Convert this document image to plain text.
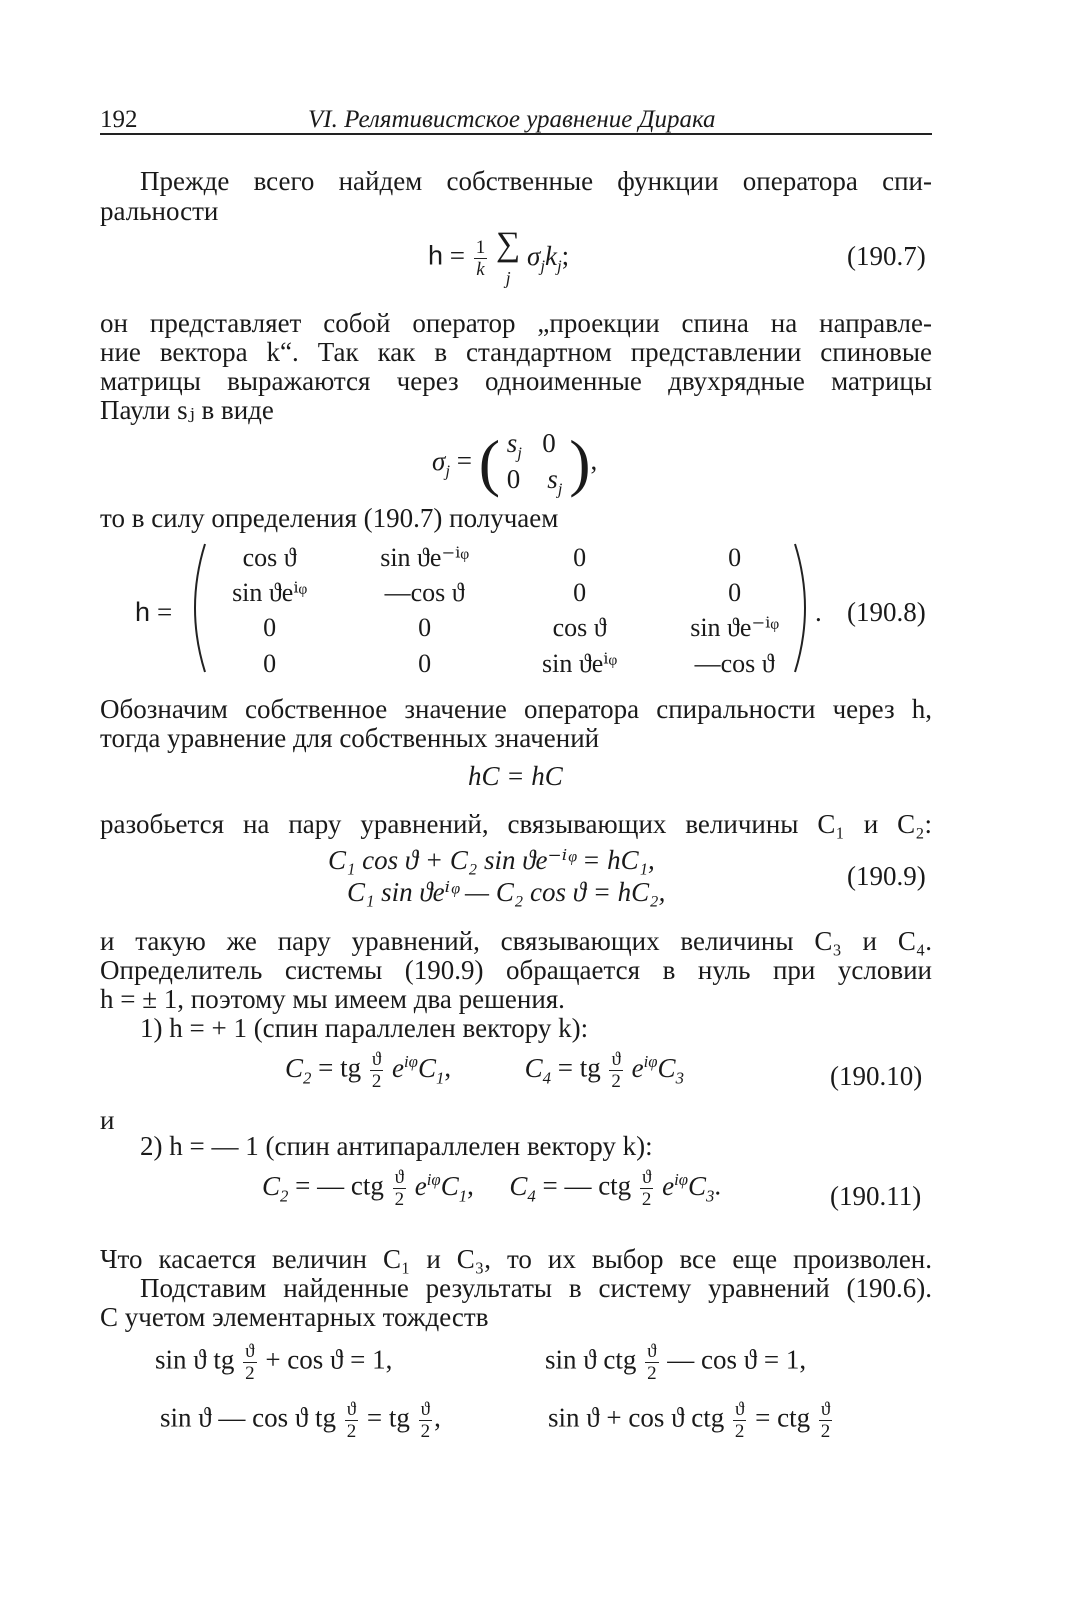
192	VI. Релятивистское уравнение Дирака
Прежде всего найдем собственные функции оператора спи-
ральности
$h = \frac{1}{k}$ ∑
j $\sigma_jk_j$;	(190.7)
он представляет собой оператор „проекции спина на направле-
ние вектора k“. Так как в стандартном представлении спиновые
матрицы выражаются через одноименные двухрядные матрицы
Паули sⱼ в виде
$\sigma_j$ = ( $s_j$   0
0    $s_j$ ),
то в силу определения (190.7) получаем
h =
cos ϑ	sin ϑe⁻ⁱᵠ	0	0
sin ϑeⁱᵠ	—cos ϑ	0	0
0	0	cos ϑ	sin ϑe⁻ⁱᵠ
0	0	sin ϑeⁱᵠ	—cos ϑ
. (190.8)
Обозначим собственное значение оператора спиральности через h,
тогда уравнение для собственных значений
hC = hC
разобьется на пару уравнений, связывающих величины C₁ и C₂:
C₁ cos ϑ + C₂ sin ϑe⁻ⁱᵠ = hC₁,
C₁ sin ϑeⁱᵠ — C₂ cos ϑ = hC₂,
(190.9)
и такую же пару уравнений, связывающих величины C₃ и C₄.
Определитель системы (190.9) обращается в нуль при условии
h = ± 1, поэтому мы имеем два решения.
1) h = + 1 (спин параллелен вектору k):
$C_2$ = tg $\frac{ϑ}{2} e^{i\varphi}C_1$,  $C_4$ = tg $\frac{ϑ}{2} e^{i\varphi}C_3$	(190.10)
и
2) h = — 1 (спин антипараллелен вектору k):
$C_2$ = — ctg $\frac{ϑ}{2} e^{i\varphi}C_1$,  $C_4$ = — ctg $\frac{ϑ}{2} e^{i\varphi}C_3$.	(190.11)
Что касается величин C₁ и C₃, то их выбор все еще произволен.
Подставим найденные результаты в систему уравнений (190.6).
С учетом элементарных тождеств
sin ϑ tg $\frac{ϑ}{2} + \cos ϑ = 1$,	sin ϑ ctg $\frac{ϑ}{2}$ — cos ϑ = 1,
sin ϑ — cos ϑ tg $\frac{ϑ}{2}$ = tg $\frac{ϑ}{2}$ ,	sin ϑ + cos ϑ ctg $\frac{ϑ}{2}$ = ctg $\frac{ϑ}{2}$
